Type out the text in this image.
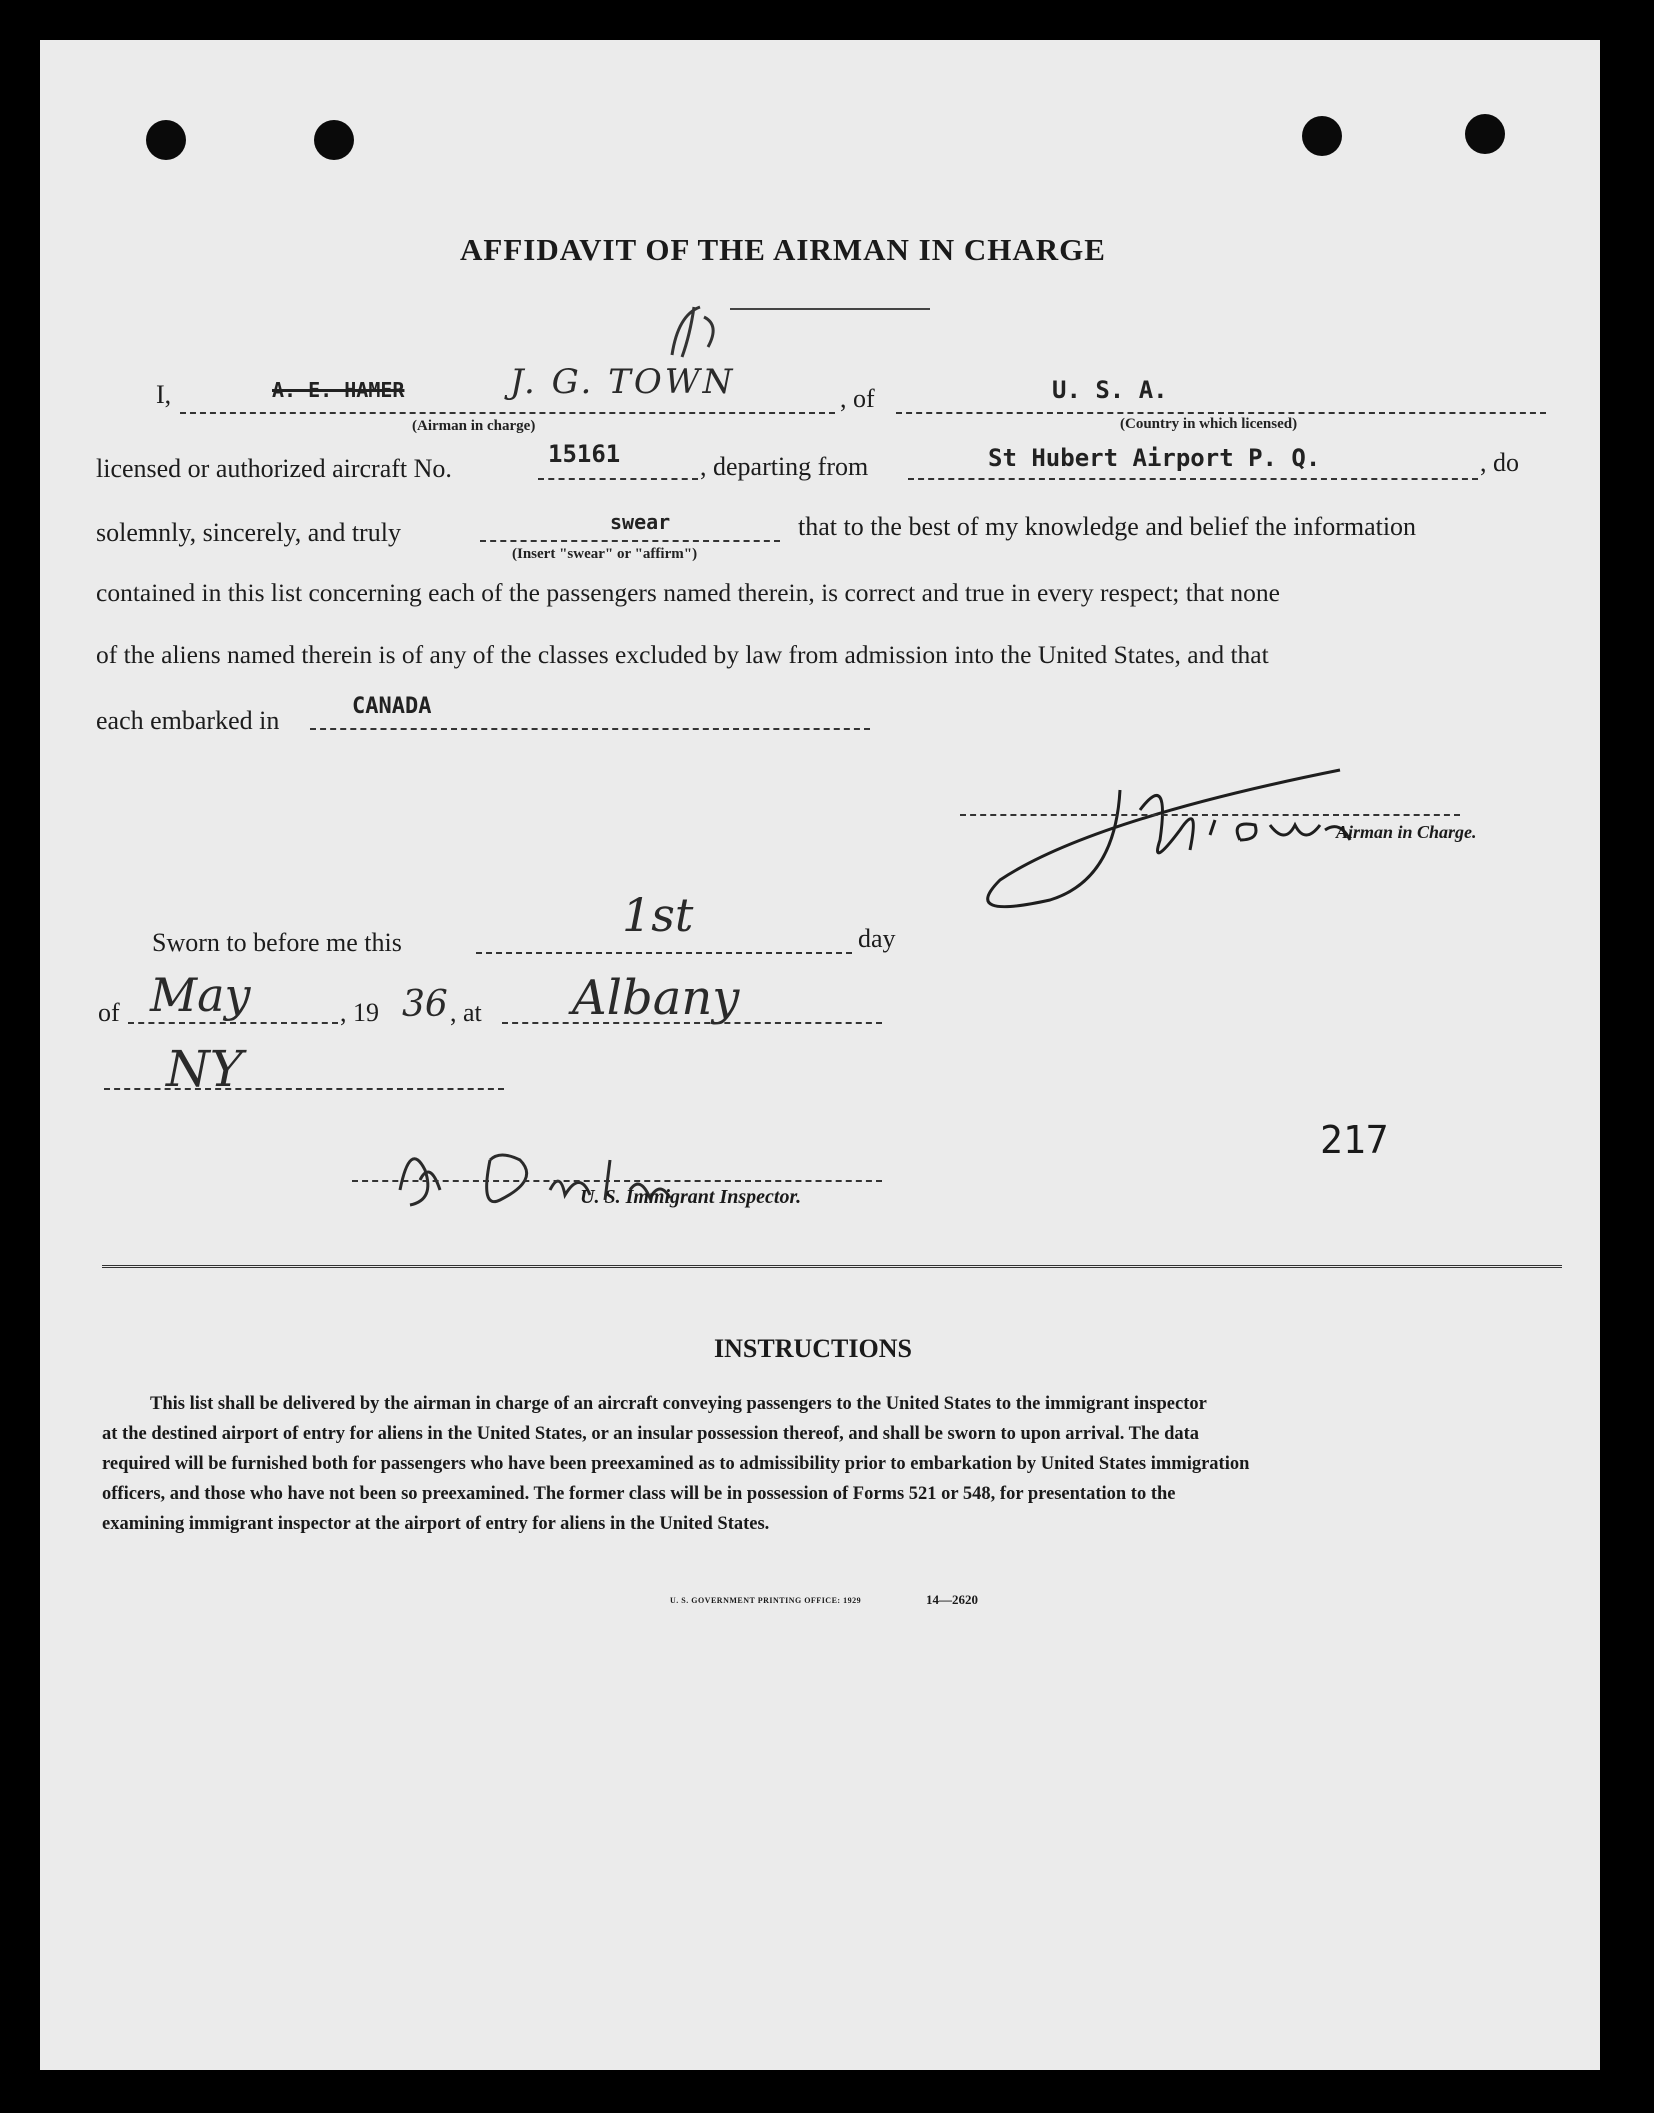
AFFIDAVIT OF THE AIRMAN IN CHARGE
I,	A. E. HAMER	J. G. TOWN
(Airman in charge)
, of	U. S. A.
(Country in which licensed)
licensed or authorized aircraft No.	15161	, departing from	St Hubert Airport P. Q.	, do
solemnly, sincerely, and truly	swear
(Insert "swear" or "affirm")
that to the best of my knowledge and belief the information
contained in this list concerning each of the passengers named therein, is correct and true in every respect; that none
of the aliens named therein is of any of the classes excluded by law from admission into the United States, and that
each embarked in	CANADA
Airman in Charge.
Sworn to before me this
1st	day
of May	, 19 36 , at Albany
NY
U. S. Immigrant Inspector.
217
INSTRUCTIONS
This list shall be delivered by the airman in charge of an aircraft conveying passengers to the United States to the immigrant inspector
at the destined airport of entry for aliens in the United States, or an insular possession thereof, and shall be sworn to upon arrival. The data
required will be furnished both for passengers who have been preexamined as to admissibility prior to embarkation by United States immigration
officers, and those who have not been so preexamined. The former class will be in possession of Forms 521 or 548, for presentation to the
examining immigrant inspector at the airport of entry for aliens in the United States.
U. S. GOVERNMENT PRINTING OFFICE: 1929	14—2620
